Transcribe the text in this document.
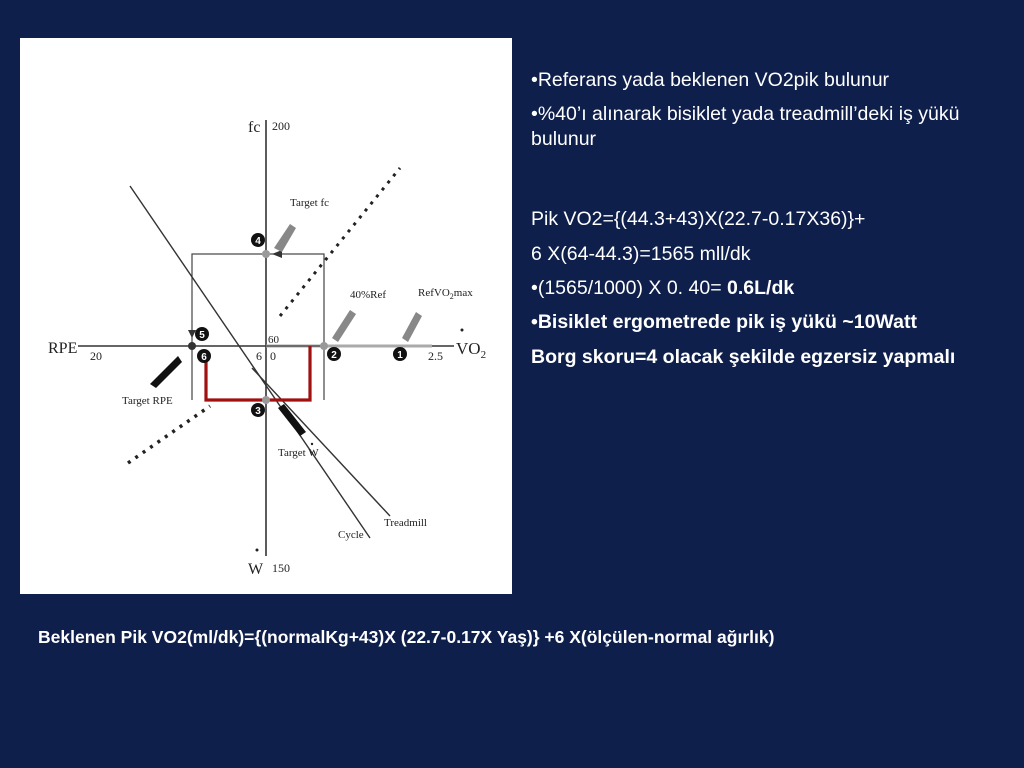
1
2
3
4
5
6
fc 200
W 150
RPE 20	6 0
60
2.5 $VO_2$
Target fc
40%Ref	RefVO$_2$max
Target RPE
Target W
Cycle
Treadmill

•Referans yada beklenen VO2pik bulunur

•%40’ı alınarak bisiklet yada treadmill’deki iş yükü bulunur

Pik VO2={(44.3+43)X(22.7-0.17X36)}+

6 X(64-44.3)=1565 mll/dk

•(1565/1000) X 0. 40= 0.6L/dk

•Bisiklet ergometrede pik iş yükü ~10Watt

Borg skoru=4 olacak şekilde egzersiz yapmalı

Beklenen Pik VO2(ml/dk)={(normalKg+43)X (22.7-0.17X Yaş)} +6 X(ölçülen-normal ağırlık)
